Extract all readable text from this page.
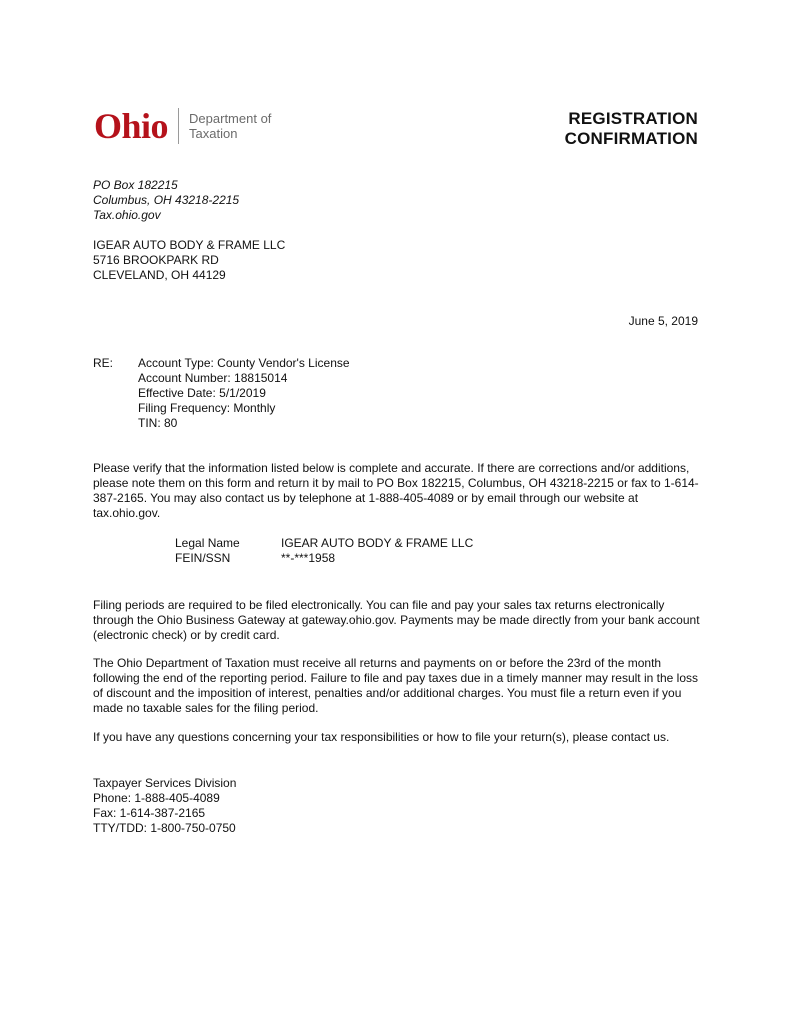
Ohio Department of
Taxation
REGISTRATION
CONFIRMATION
PO Box 182215
Columbus, OH 43218-2215
Tax.ohio.gov
IGEAR AUTO BODY & FRAME LLC
5716 BROOKPARK RD
CLEVELAND, OH 44129
June 5, 2019
RE: Account Type: County Vendor's License
Account Number: 18815014
Effective Date: 5/1/2019
Filing Frequency: Monthly
TIN: 80
Please verify that the information listed below is complete and accurate. If there are corrections and/or additions, please note them on this form and return it by mail to PO Box 182215, Columbus, OH 43218-2215 or fax to 1-614-387-2165. You may also contact us by telephone at 1-888-405-4089 or by email through our website at tax.ohio.gov.
Legal Name	IGEAR AUTO BODY & FRAME LLC
FEIN/SSN	**-***1958
Filing periods are required to be filed electronically. You can file and pay your sales tax returns electronically through the Ohio Business Gateway at gateway.ohio.gov. Payments may be made directly from your bank account (electronic check) or by credit card.
The Ohio Department of Taxation must receive all returns and payments on or before the 23rd of the month following the end of the reporting period. Failure to file and pay taxes due in a timely manner may result in the loss of discount and the imposition of interest, penalties and/or additional charges. You must file a return even if you made no taxable sales for the filing period.
If you have any questions concerning your tax responsibilities or how to file your return(s), please contact us.
Taxpayer Services Division
Phone: 1-888-405-4089
Fax: 1-614-387-2165
TTY/TDD: 1-800-750-0750
